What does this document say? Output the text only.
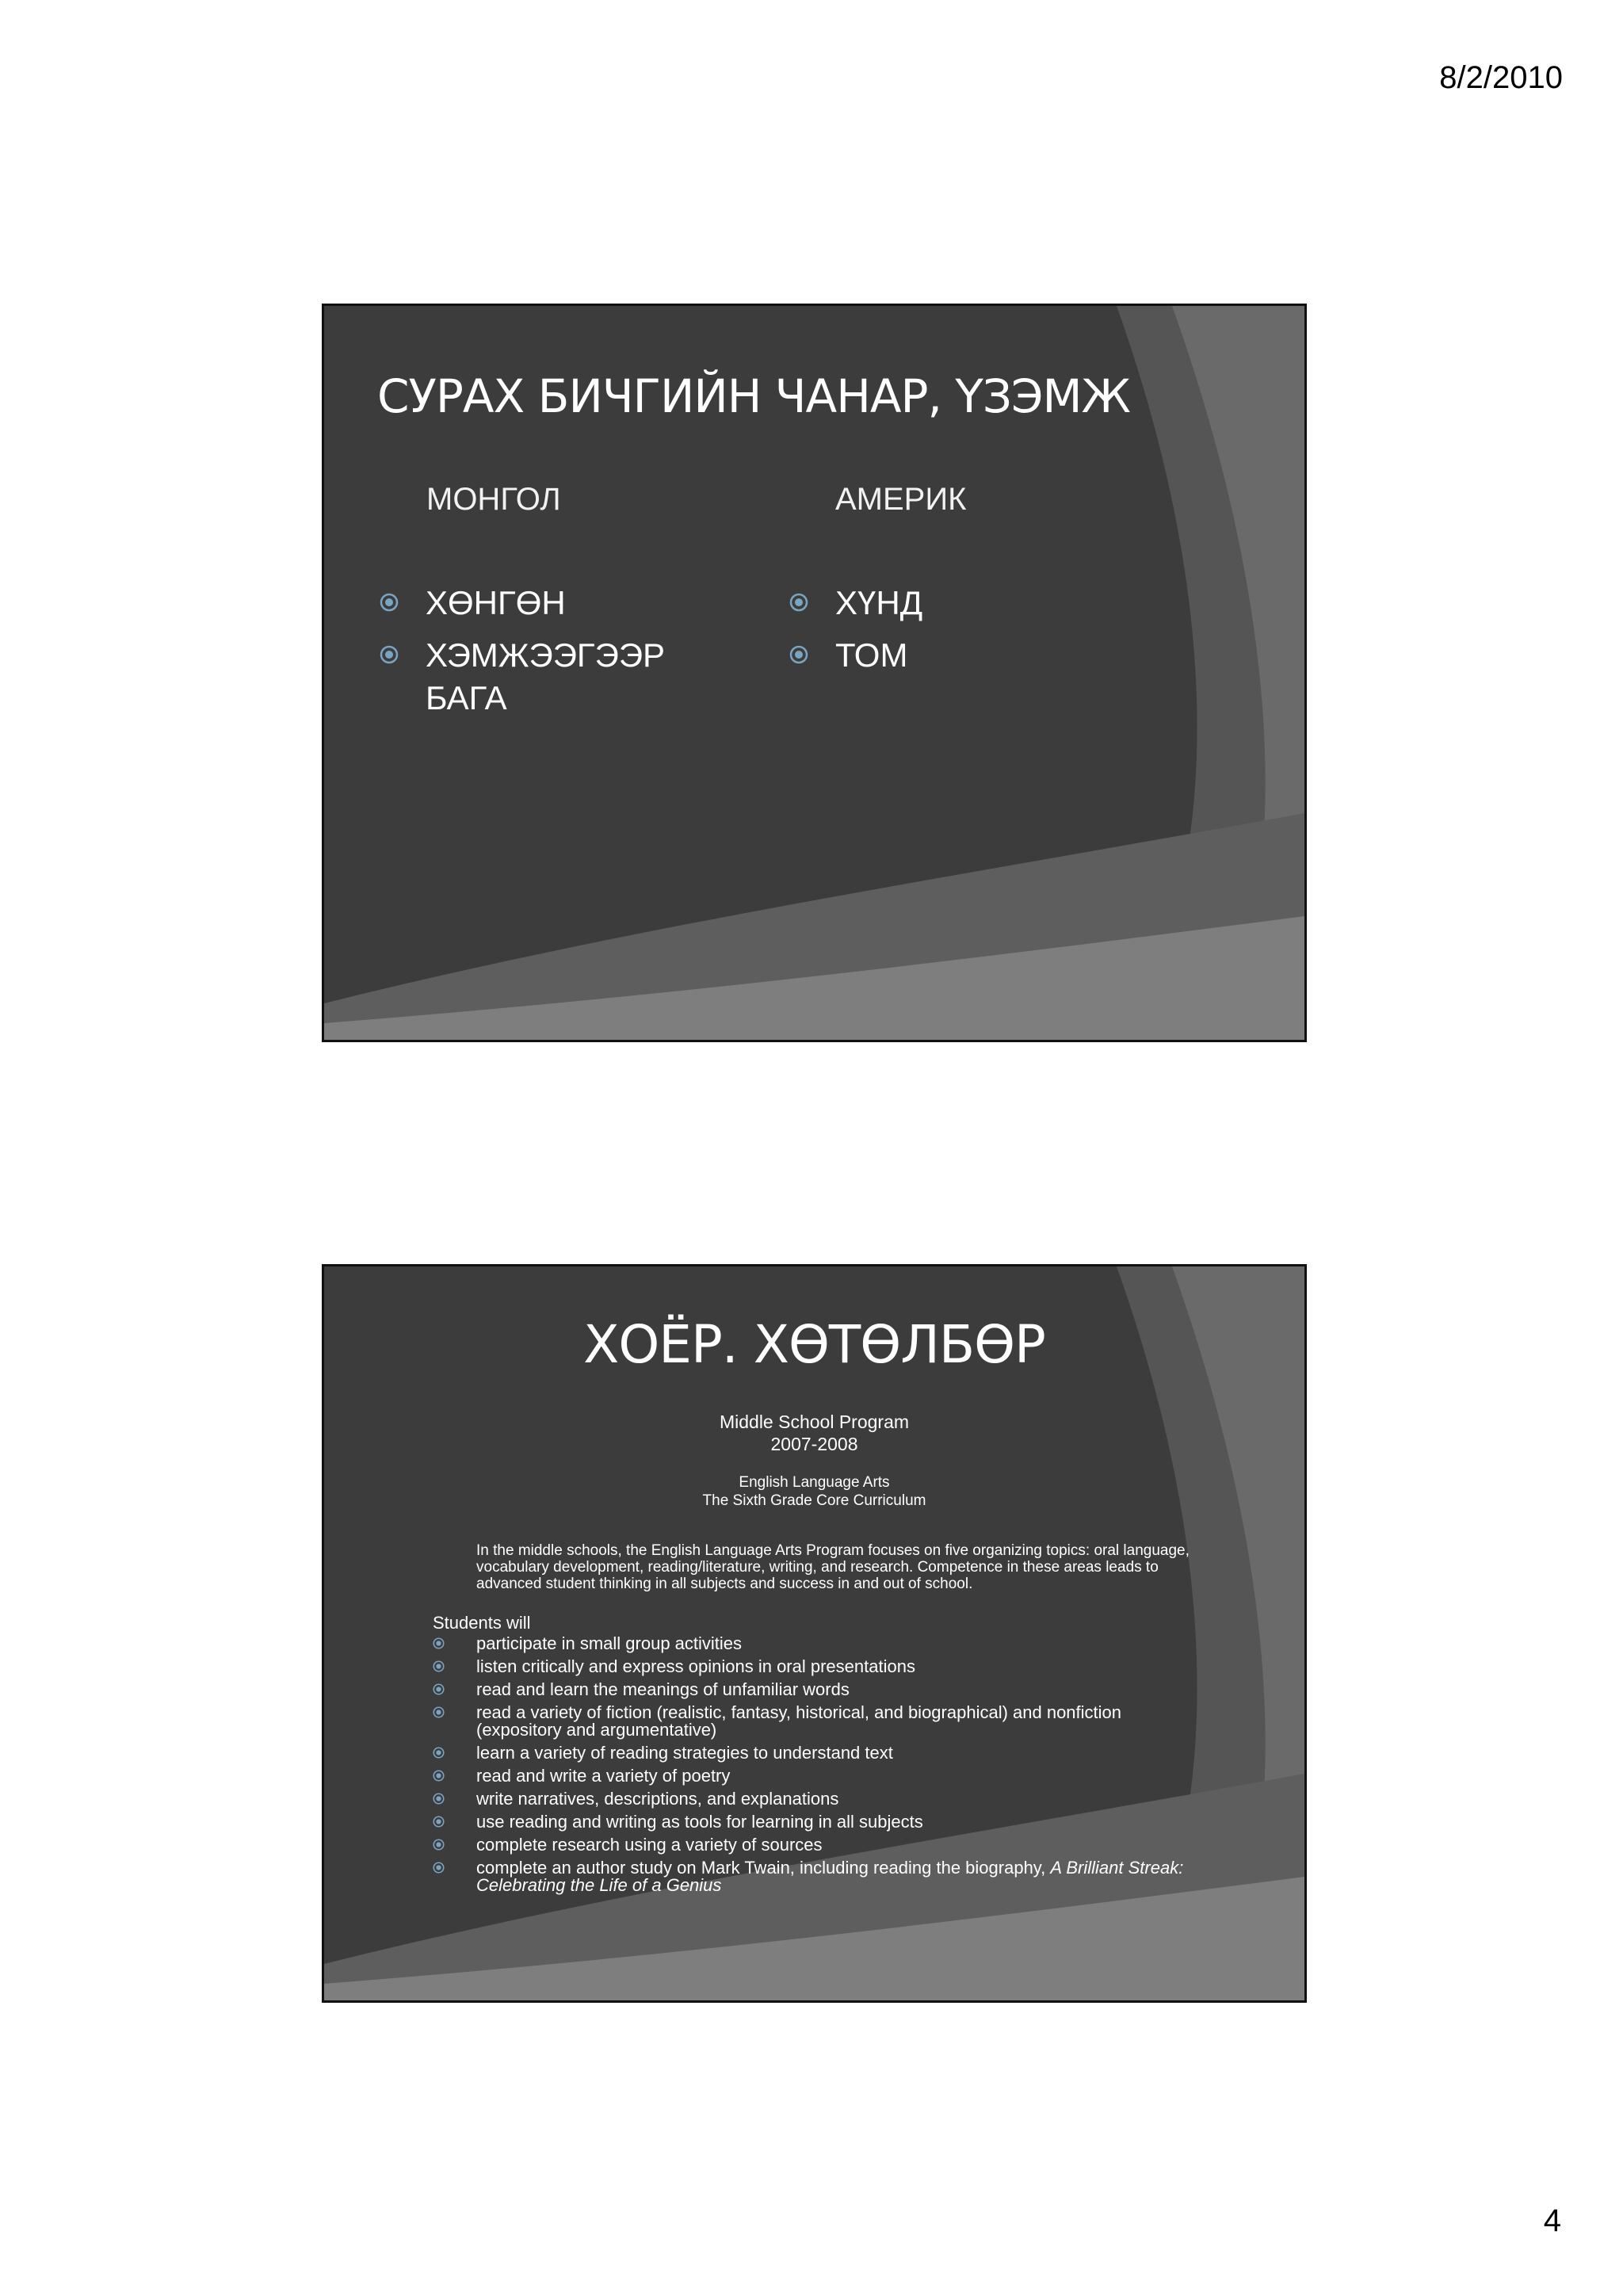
8/2/2010
СУРАХ БИЧГИЙН ЧАНАР, ҮЗЭМЖ
МОНГОЛ	АМЕРИК
ХӨНГӨН
ХЭМЖЭЭГЭЭР БАГА
ХҮНД
ТОМ
ХОЁР. ХӨТӨЛБӨР
Middle School Program
2007-2008
English Language Arts
The Sixth Grade Core Curriculum
In the middle schools, the English Language Arts Program focuses on five organizing topics: oral language, vocabulary development, reading/literature, writing, and research. Competence in these areas leads to advanced student thinking in all subjects and success in and out of school.
Students will
participate in small group activities
listen critically and express opinions in oral presentations
read and learn the meanings of unfamiliar words
read a variety of fiction (realistic, fantasy, historical, and biographical) and nonfiction (expository and argumentative)
learn a variety of reading strategies to understand text
read and write a variety of poetry
write narratives, descriptions, and explanations
use reading and writing as tools for learning in all subjects
complete research using a variety of sources
complete an author study on Mark Twain, including reading the biography, A Brilliant Streak: Celebrating the Life of a Genius
4
